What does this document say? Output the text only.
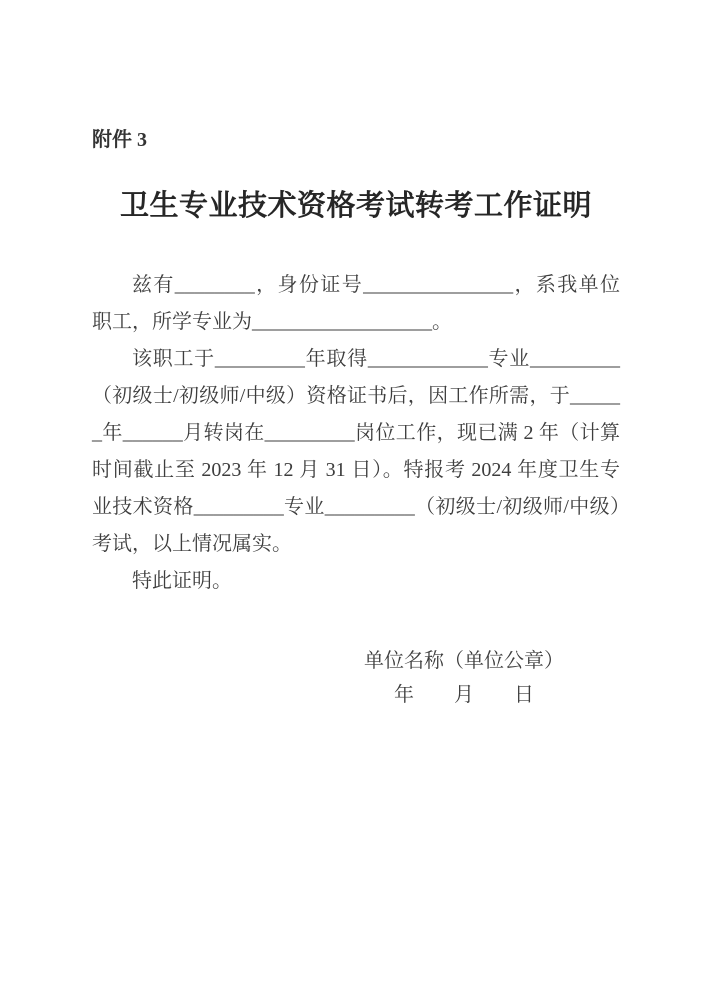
附件 3
卫生专业技术资格考试转考工作证明

兹有________，身份证号_______________，系我单位职工，所学专业为__________________。

该职工于_________年取得____________专业_________（初级士/初级师/中级）资格证书后，因工作所需，于______年______月转岗在_________岗位工作，现已满 2 年（计算时间截止至 2023 年 12 月 31 日）。特报考 2024 年度卫生专业技术资格_________专业_________（初级士/初级师/中级）考试，以上情况属实。

特此证明。

单位名称（单位公章）
年　　月　　日
